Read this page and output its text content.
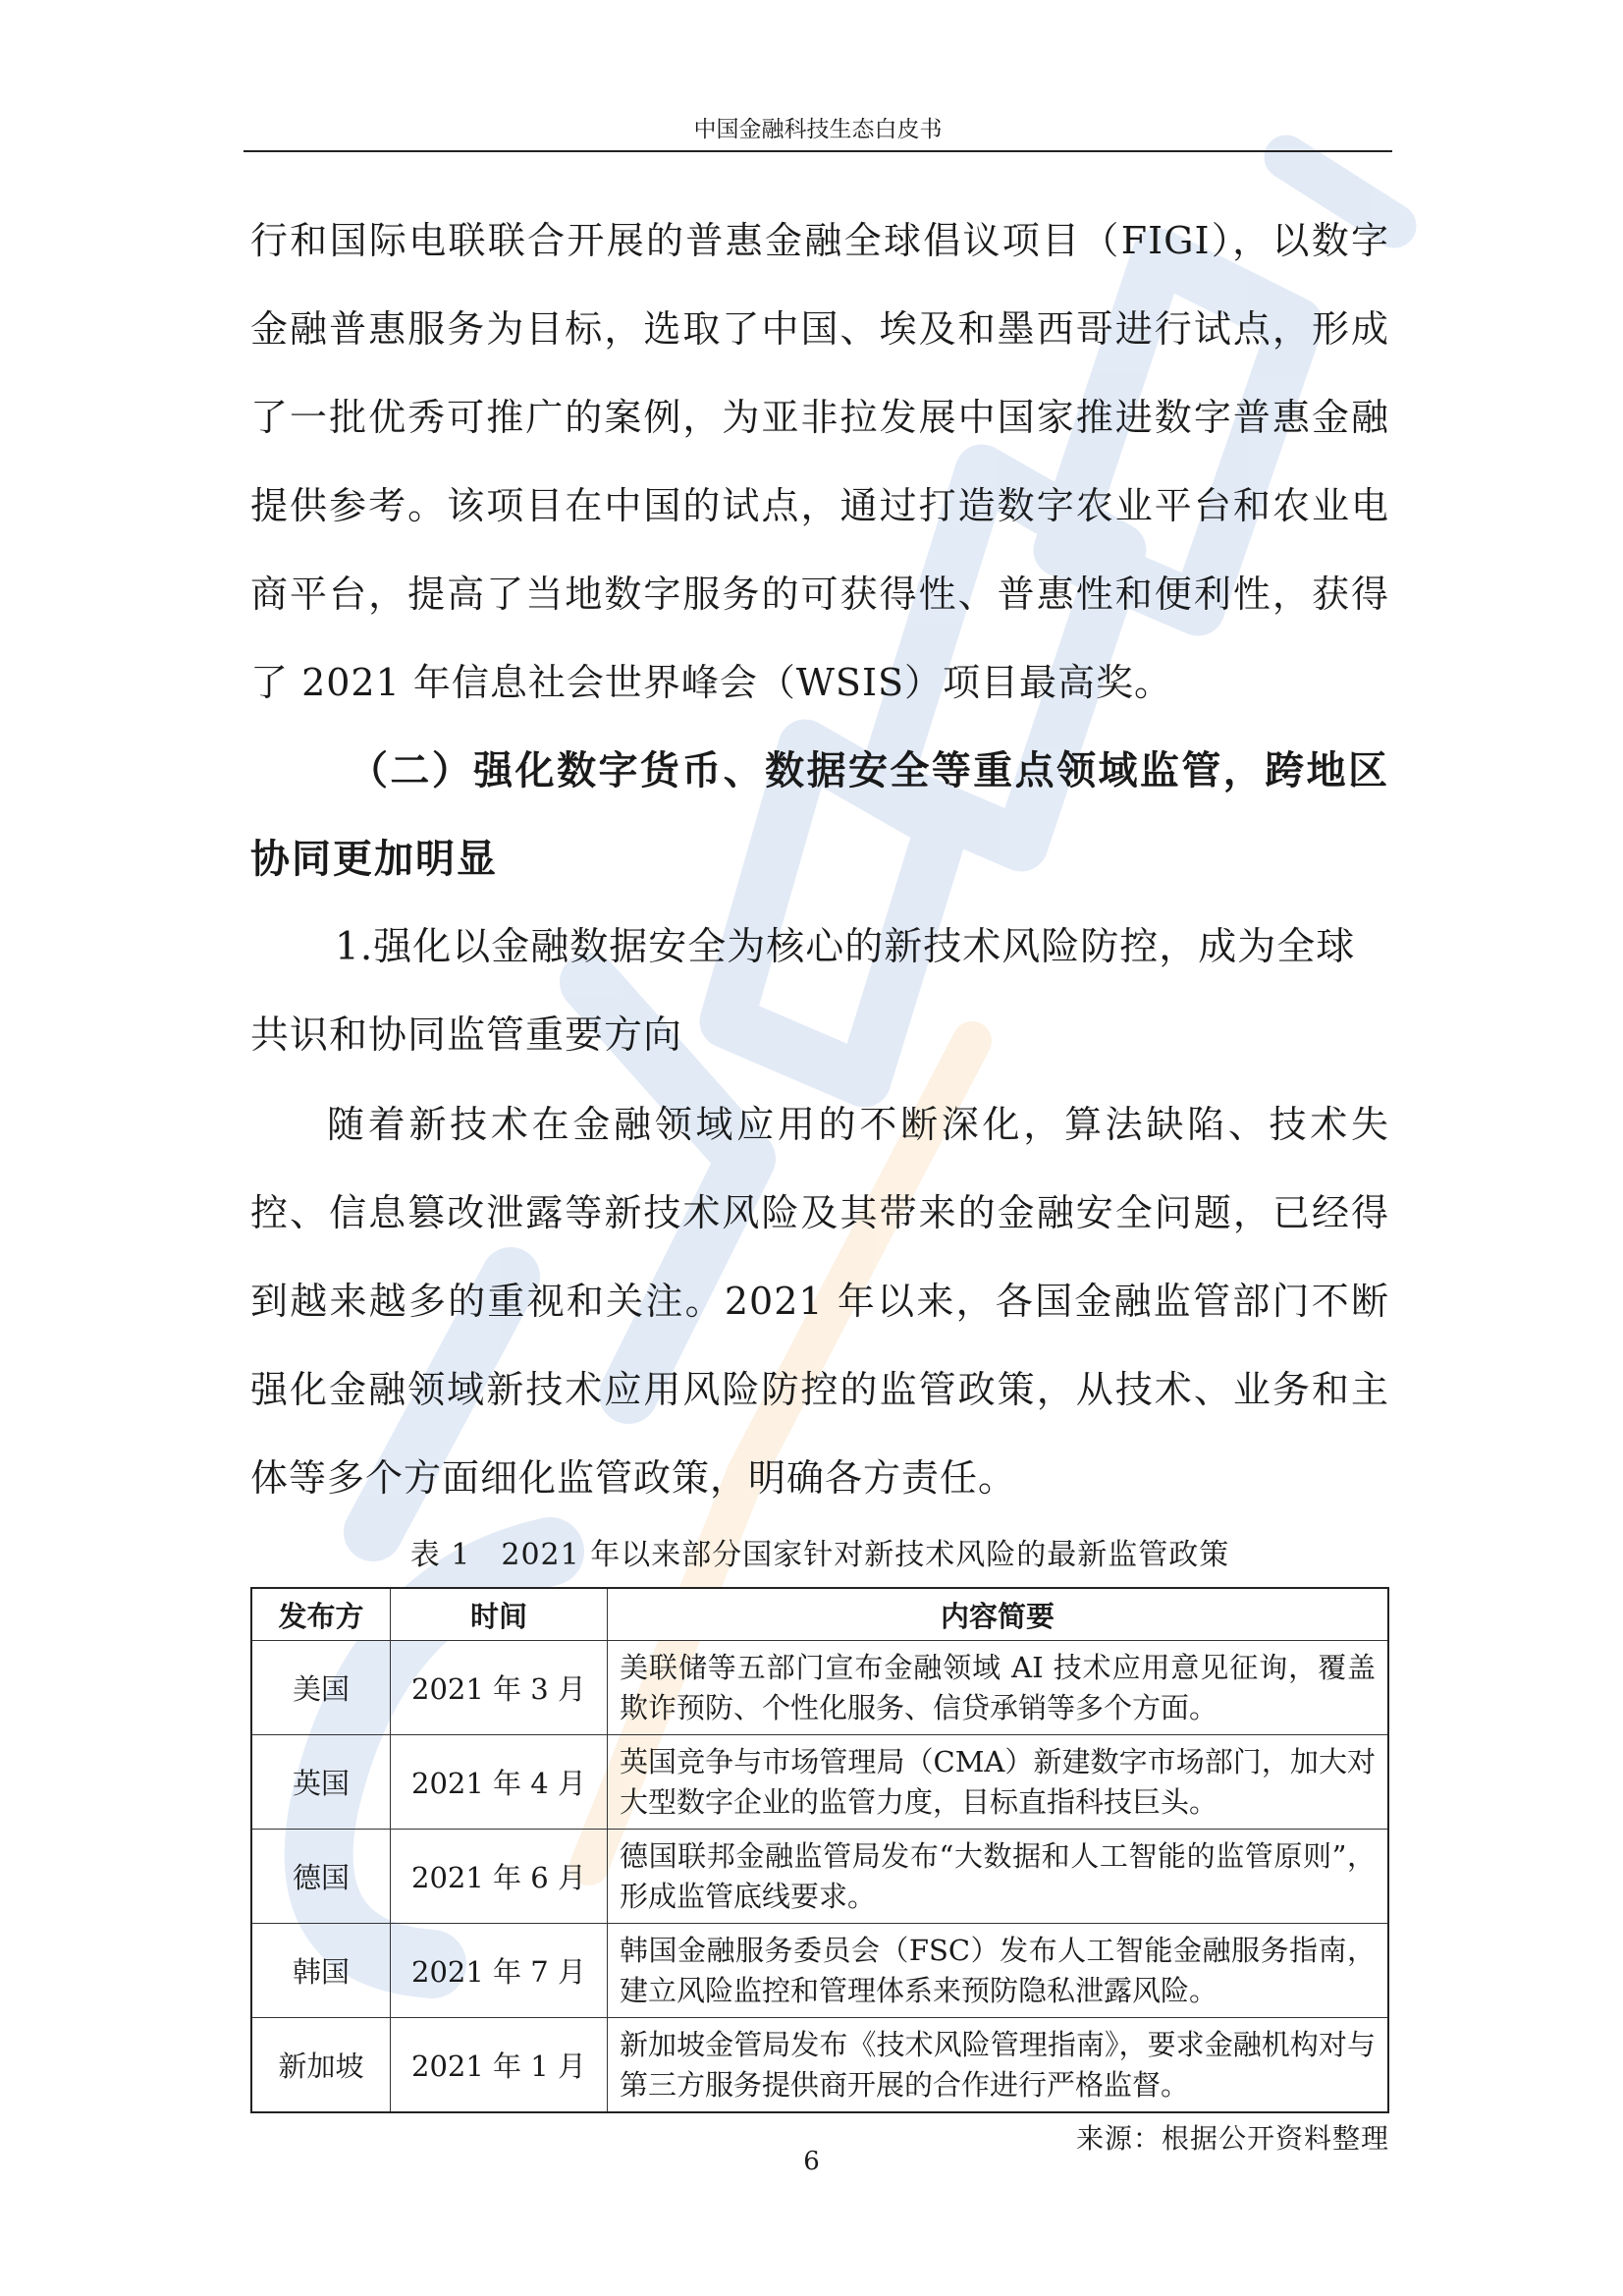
中国金融科技生态白皮书

行和国际电联联合开展的普惠金融全球倡议项目（FIGI），以数字金融普惠服务为目标，选取了中国、埃及和墨西哥进行试点，形成了一批优秀可推广的案例，为亚非拉发展中国家推进数字普惠金融提供参考。该项目在中国的试点，通过打造数字农业平台和农业电商平台，提高了当地数字服务的可获得性、普惠性和便利性，获得了 2021 年信息社会世界峰会（WSIS）项目最高奖。

（二）强化数字货币、数据安全等重点领域监管，跨地区协同更加明显

1.强化以金融数据安全为核心的新技术风险防控，成为全球共识和协同监管重要方向

随着新技术在金融领域应用的不断深化，算法缺陷、技术失控、信息篡改泄露等新技术风险及其带来的金融安全问题，已经得到越来越多的重视和关注。2021 年以来，各国金融监管部门不断强化金融领域新技术应用风险防控的监管政策，从技术、业务和主体等多个方面细化监管政策，明确各方责任。

表 1　2021 年以来部分国家针对新技术风险的最新监管政策
发布方	时间	内容简要
美国	2021 年 3 月	美联储等五部门宣布金融领域 AI 技术应用意见征询，覆盖欺诈预防、个性化服务、信贷承销等多个方面。
英国	2021 年 4 月	英国竞争与市场管理局（CMA）新建数字市场部门，加大对大型数字企业的监管力度，目标直指科技巨头。
德国	2021 年 6 月	德国联邦金融监管局发布“大数据和人工智能的监管原则”，形成监管底线要求。
韩国	2021 年 7 月	韩国金融服务委员会（FSC）发布人工智能金融服务指南，建立风险监控和管理体系来预防隐私泄露风险。
新加坡	2021 年 1 月	新加坡金管局发布《技术风险管理指南》，要求金融机构对与第三方服务提供商开展的合作进行严格监督。
来源：根据公开资料整理
6
